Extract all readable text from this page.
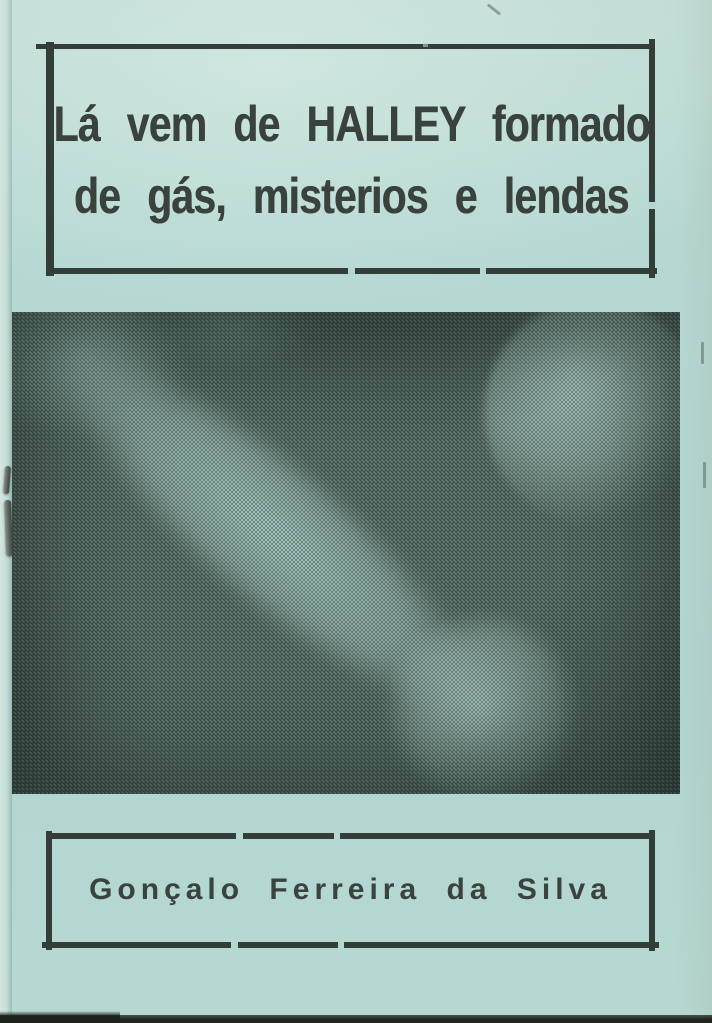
Lá vem de HALLEY formado
de gás, misterios e lendas
Gonçalo Ferreira da Silva
